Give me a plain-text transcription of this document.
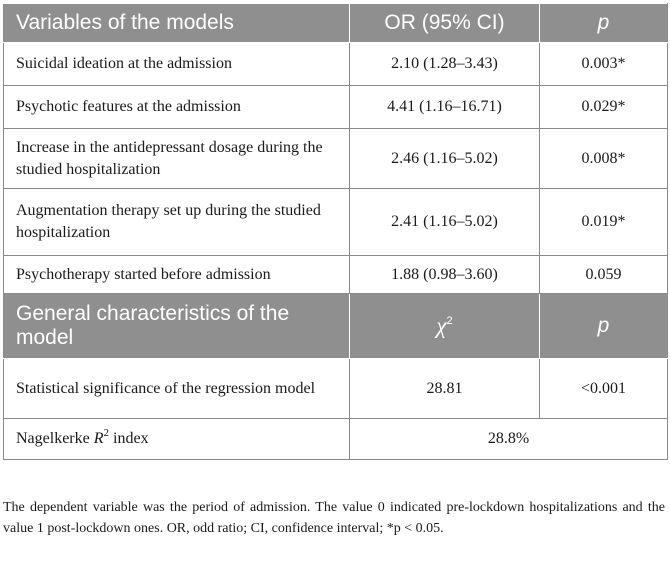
Variables of the models	OR (95% CI)	p
Suicidal ideation at the admission	2.10 (1.28–3.43)	0.003*
Psychotic features at the admission	4.41 (1.16–16.71)	0.029*
Increase in the antidepressant dosage during the studied hospitalization	2.46 (1.16–5.02)	0.008*
Augmentation therapy set up during the studied hospitalization	2.41 (1.16–5.02)	0.019*
Psychotherapy started before admission	1.88 (0.98–3.60)	0.059
General characteristics of the model	$\chi^2$	p
Statistical significance of the regression model	28.81	<0.001
Nagelkerke $R^2$ index	28.8%	
The dependent variable was the period of admission. The value 0 indicated pre-lockdown hospitalizations and the value 1 post-lockdown ones. OR, odd ratio; CI, confidence interval; *p < 0.05.
